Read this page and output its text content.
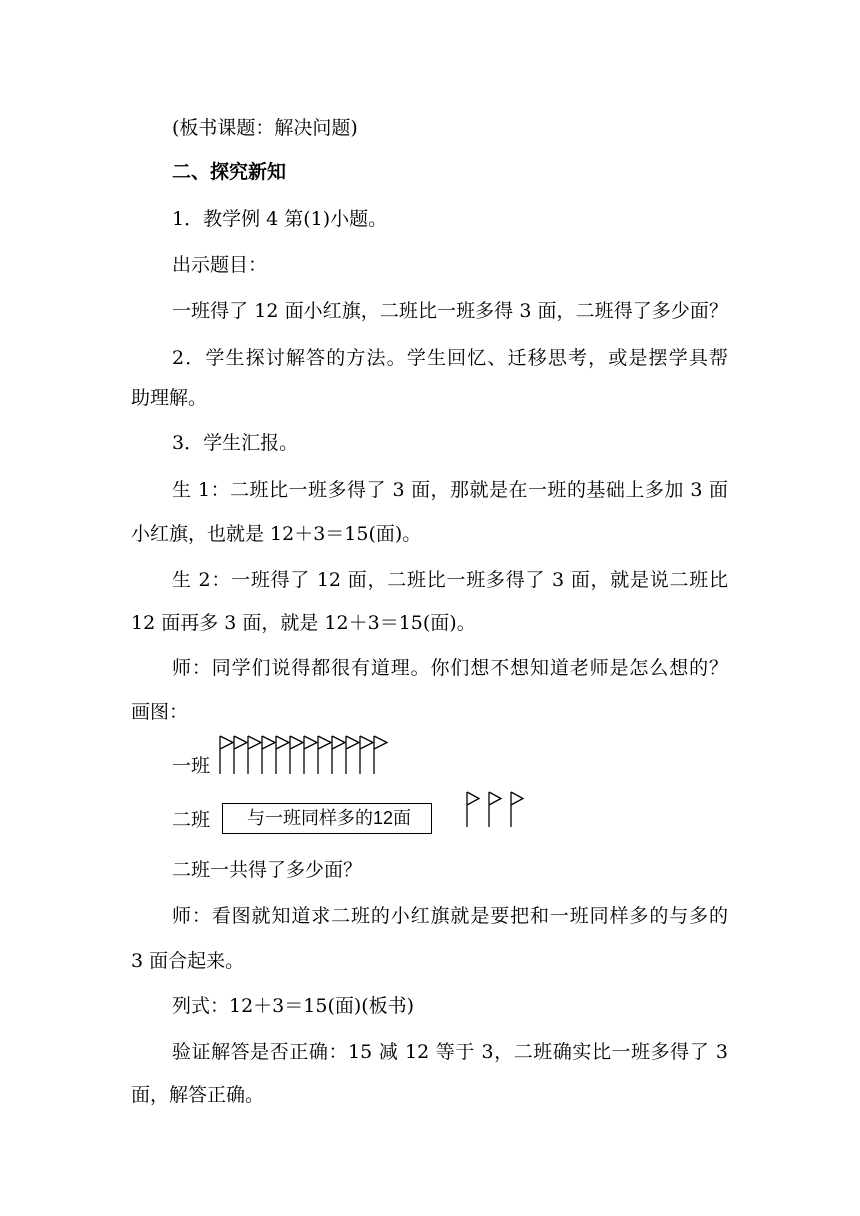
(板书课题：解决问题)
二、探究新知
1．教学例 4 第(1)小题。
出示题目：
一班得了 12 面小红旗，二班比一班多得 3 面，二班得了多少面？
2．学生探讨解答的方法。学生回忆、迁移思考，或是摆学具帮
助理解。
3．学生汇报。
生 1：二班比一班多得了 3 面，那就是在一班的基础上多加 3 面
小红旗，也就是 12＋3＝15(面)。
生 2：一班得了 12 面，二班比一班多得了 3 面，就是说二班比
12 面再多 3 面，就是 12＋3＝15(面)。
师：同学们说得都很有道理。你们想不想知道老师是怎么想的？
画图：
一班
二班	与一班同样多的12面
二班一共得了多少面？
师：看图就知道求二班的小红旗就是要把和一班同样多的与多的
3 面合起来。
列式：12＋3＝15(面)(板书)
验证解答是否正确：15 减 12 等于 3，二班确实比一班多得了 3
面，解答正确。
